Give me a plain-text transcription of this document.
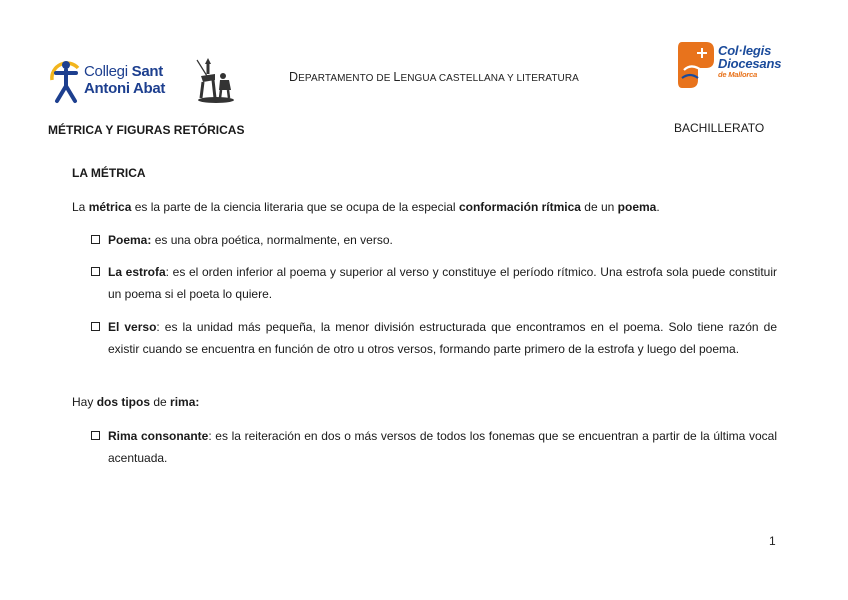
Collegi Sant
Antoni Abat
DEPARTAMENTO DE LENGUA CASTELLANA Y LITERATURA
Col·legis
Diocesans
de Mallorca
MÉTRICA Y FIGURAS RETÓRICAS	BACHILLERATO
LA MÉTRICA
La métrica es la parte de la ciencia literaria que se ocupa de la especial conformación rítmica de un poema.
Poema: es una obra poética, normalmente, en verso.
La estrofa: es el orden inferior al poema y superior al verso y constituye el período rítmico. Una estrofa sola puede constituir un poema si el poeta lo quiere.
El verso: es la unidad más pequeña, la menor división estructurada que encontramos en el poema. Solo tiene razón de existir cuando se encuentra en función de otro u otros versos, formando parte primero de la estrofa y luego del poema.
Hay dos tipos de rima:
Rima consonante: es la reiteración en dos o más versos de todos los fonemas que se encuentran a partir de la última vocal acentuada.
1
